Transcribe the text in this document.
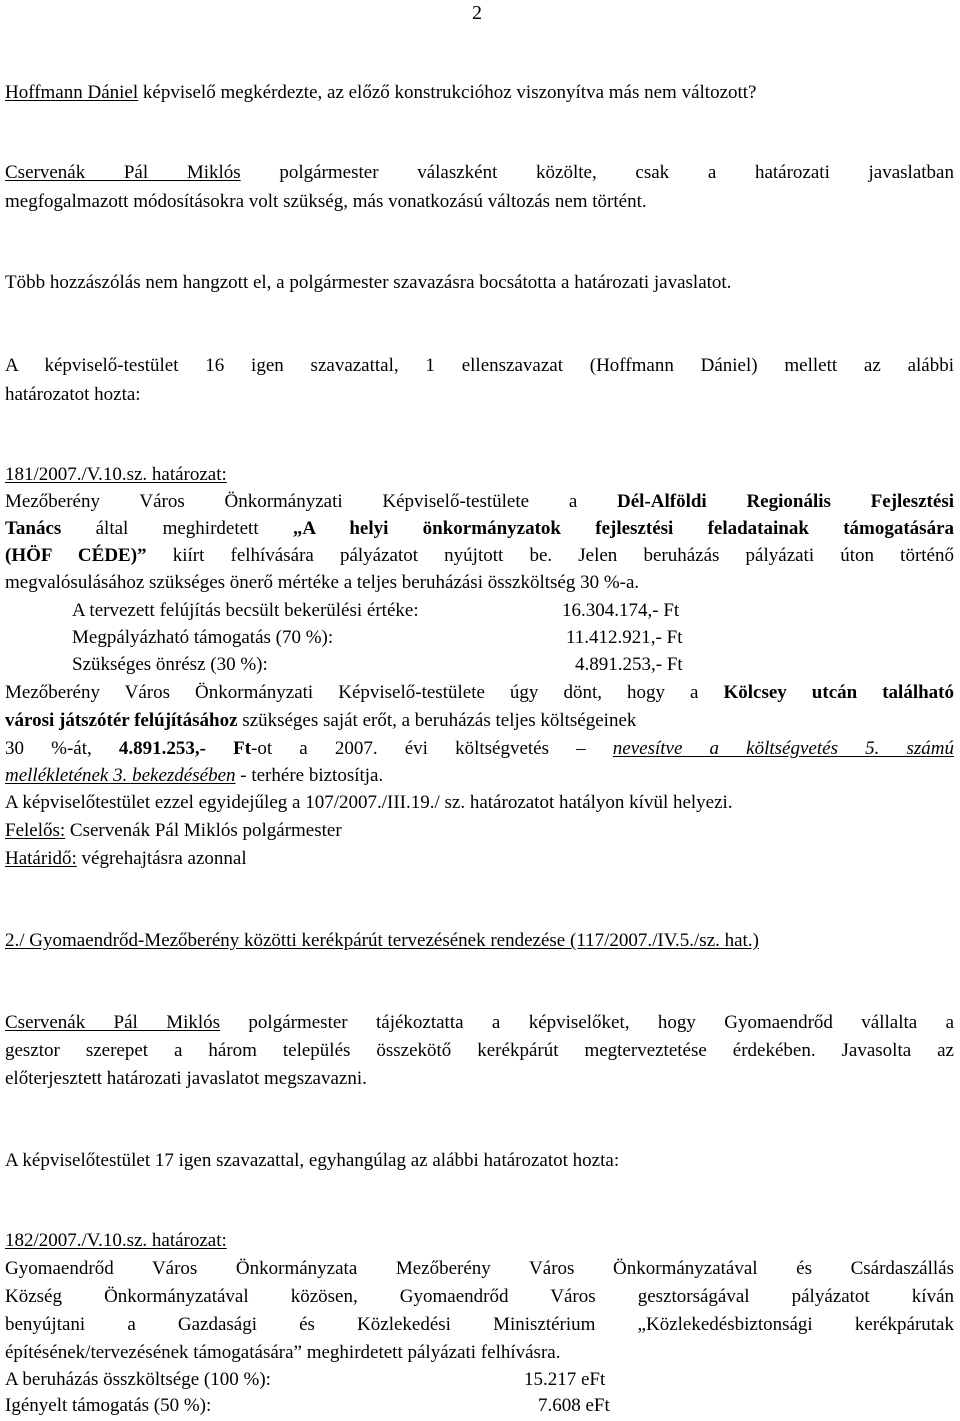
2
Hoffmann Dániel képviselő megkérdezte, az előző konstrukcióhoz viszonyítva más nem változott?
Cservenák Pál Miklós polgármester válaszként közölte, csak a határozati javaslatban
megfogalmazott módosításokra volt szükség, más vonatkozású változás nem történt.
Több hozzászólás nem hangzott el, a polgármester szavazásra bocsátotta a határozati javaslatot.
A képviselő-testület 16 igen szavazattal, 1 ellenszavazat (Hoffmann Dániel) mellett az alábbi
határozatot hozta:
181/2007./V.10.sz. határozat:
Mezőberény Város Önkormányzati Képviselő-testülete a Dél-Alföldi Regionális Fejlesztési
Tanács által meghirdetett „A helyi önkormányzatok fejlesztési feladatainak támogatására
(HÖF CÉDE)” kiírt felhívására pályázatot nyújtott be. Jelen beruházás pályázati úton történő
megvalósulásához szükséges önerő mértéke a teljes beruházási összköltség 30 %-a.
A tervezett felújítás becsült bekerülési értéke:	16.304.174,- Ft
Megpályázható támogatás (70 %):	11.412.921,- Ft
Szükséges önrész (30 %):	4.891.253,- Ft
Mezőberény Város Önkormányzati Képviselő-testülete úgy dönt, hogy a Kölcsey utcán található
városi játszótér felújításához szükséges saját erőt, a beruházás teljes költségeinek
30 %-át, 4.891.253,- Ft-ot a 2007. évi költségvetés – nevesítve a költségvetés 5. számú
mellékletének 3. bekezdésében - terhére biztosítja.
A képviselőtestület ezzel egyidejűleg a 107/2007./III.19./ sz. határozatot hatályon kívül helyezi.
Felelős: Cservenák Pál Miklós polgármester
Határidő: végrehajtásra azonnal
2./ Gyomaendrőd-Mezőberény közötti kerékpárút tervezésének rendezése (117/2007./IV.5./sz. hat.)
Cservenák Pál Miklós polgármester tájékoztatta a képviselőket, hogy Gyomaendrőd vállalta a
gesztor szerepet a három település összekötő kerékpárút megterveztetése érdekében. Javasolta az
előterjesztett határozati javaslatot megszavazni.
A képviselőtestület 17 igen szavazattal, egyhangúlag az alábbi határozatot hozta:
182/2007./V.10.sz. határozat:
Gyomaendrőd Város Önkormányzata Mezőberény Város Önkormányzatával és Csárdaszállás
Község Önkormányzatával közösen, Gyomaendrőd Város gesztorságával pályázatot kíván
benyújtani a Gazdasági és Közlekedési Minisztérium „Közlekedésbiztonsági kerékpárutak
építésének/tervezésének támogatására” meghirdetett pályázati felhívásra.
A beruházás összköltsége (100 %):	15.217 eFt
Igényelt támogatás (50 %):	7.608 eFt
